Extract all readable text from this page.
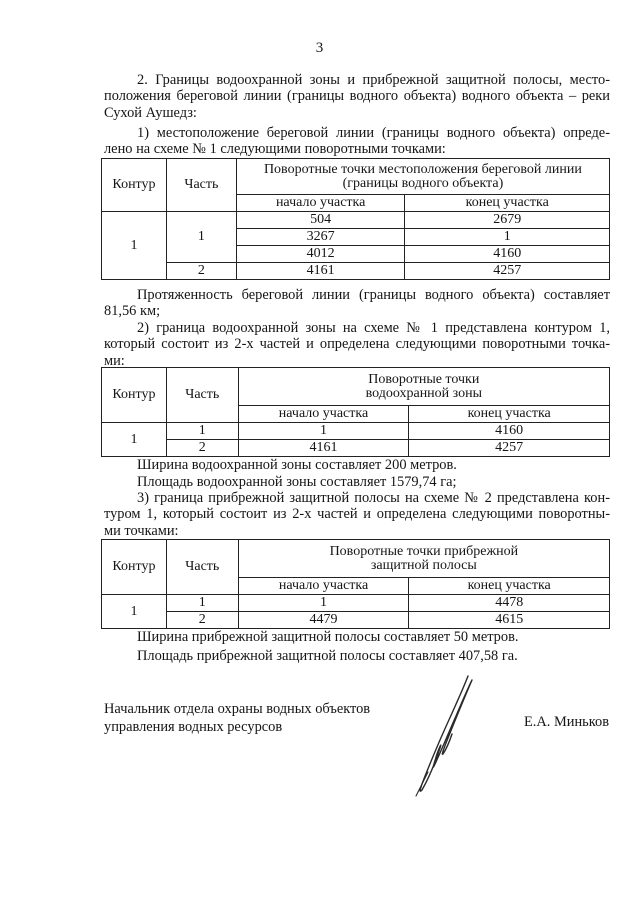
3
2. Границы водоохранной зоны и прибрежной защитной полосы, место-
положения береговой линии (границы водного объекта) водного объекта – реки
Сухой Аушедз:
1) местоположение береговой линии (границы водного объекта) опреде-
лено на схеме № 1 следующими поворотными точками:
Контур	Часть	Поворотные точки местоположения береговой линии (границы водного объекта)	
		начало участка	конец участка
1	1	504	2679
		3267	1
		4012	4160
	2	4161	4257
Протяженность береговой линии (границы водного объекта) составляет
81,56 км;
2) граница водоохранной зоны на схеме № 1 представлена контуром 1,
который состоит из 2-х частей и определена следующими поворотными точка-
ми:
Контур	Часть	Поворотные точки водоохранной зоны	
		начало участка	конец участка
1	1	1	4160
	2	4161	4257
Ширина водоохранной зоны составляет 200 метров.
Площадь водоохранной зоны составляет 1579,74 га;
3) граница прибрежной защитной полосы на схеме № 2 представлена кон-
туром 1, который состоит из 2-х частей и определена следующими поворотны-
ми точками:
Контур	Часть	Поворотные точки прибрежной защитной полосы	
		начало участка	конец участка
1	1	1	4478
	2	4479	4615
Ширина прибрежной защитной полосы составляет 50 метров.
Площадь прибрежной защитной полосы составляет 407,58 га.
Начальник отдела охраны водных объектов
управления водных ресурсов	Е.А. Миньков
